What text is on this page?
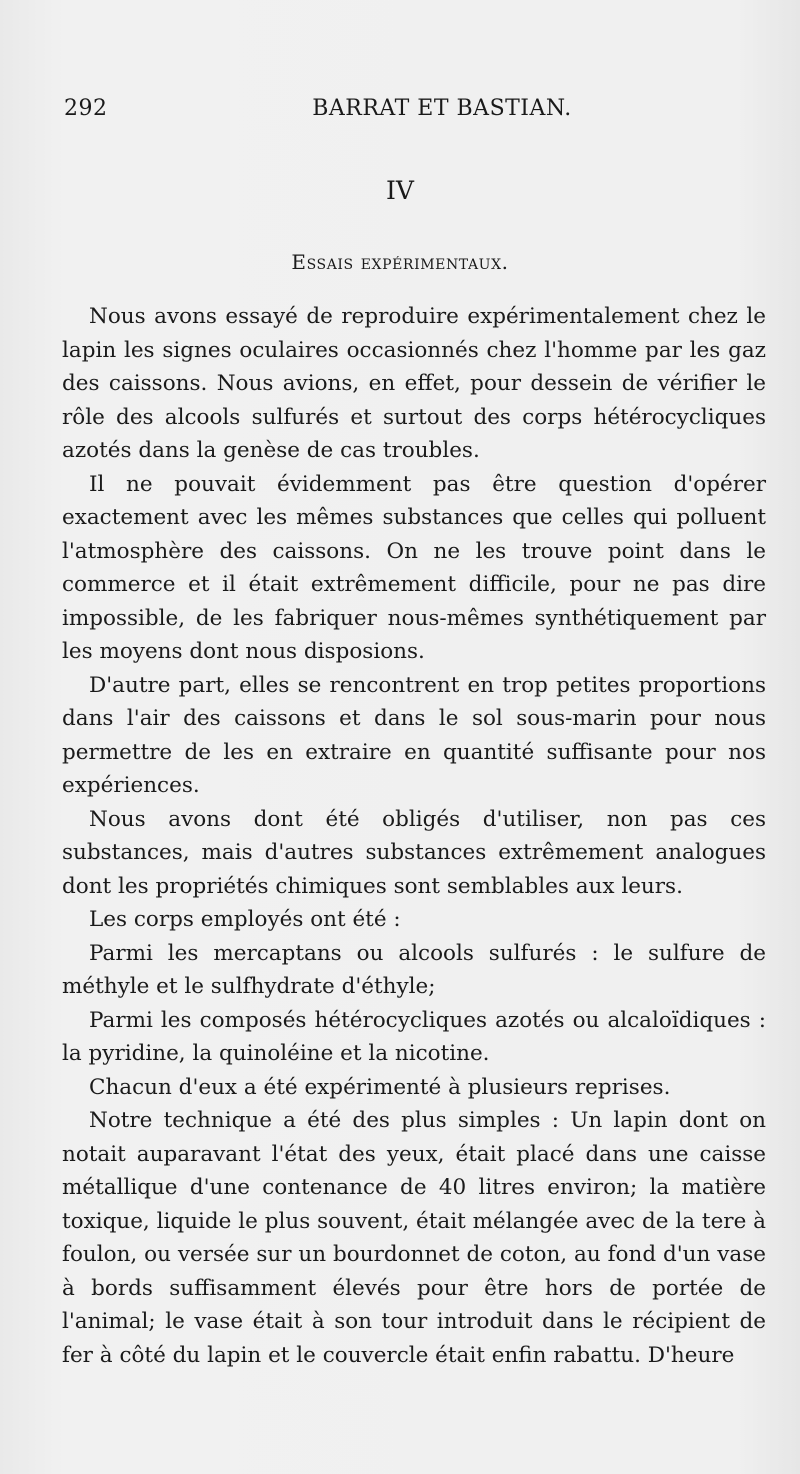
292	BARRAT ET BASTIAN.
IV
Essais expérimentaux.

Nous avons essayé de reproduire expérimentalement chez le lapin les signes oculaires occasionnés chez l'homme par les gaz des caissons. Nous avions, en effet, pour dessein de vérifier le rôle des alcools sulfurés et surtout des corps hétérocycliques azotés dans la genèse de cas troubles.

Il ne pouvait évidemment pas être question d'opérer exactement avec les mêmes substances que celles qui polluent l'atmosphère des caissons. On ne les trouve point dans le commerce et il était extrêmement difficile, pour ne pas dire impossible, de les fabriquer nous-mêmes synthétiquement par les moyens dont nous disposions.

D'autre part, elles se rencontrent en trop petites proportions dans l'air des caissons et dans le sol sous-marin pour nous permettre de les en extraire en quantité suffisante pour nos expériences.

Nous avons dont été obligés d'utiliser, non pas ces substances, mais d'autres substances extrêmement analogues dont les propriétés chimiques sont semblables aux leurs.

Les corps employés ont été :

Parmi les mercaptans ou alcools sulfurés : le sulfure de méthyle et le sulfhydrate d'éthyle;

Parmi les composés hétérocycliques azotés ou alcaloïdiques : la pyridine, la quinoléine et la nicotine.

Chacun d'eux a été expérimenté à plusieurs reprises.

Notre technique a été des plus simples : Un lapin dont on notait auparavant l'état des yeux, était placé dans une caisse métallique d'une contenance de 40 litres environ; la matière toxique, liquide le plus souvent, était mélangée avec de la tere à foulon, ou versée sur un bourdonnet de coton, au fond d'un vase à bords suffisamment élevés pour être hors de portée de l'animal; le vase était à son tour introduit dans le récipient de fer à côté du lapin et le couvercle était enfin rabattu. D'heure
